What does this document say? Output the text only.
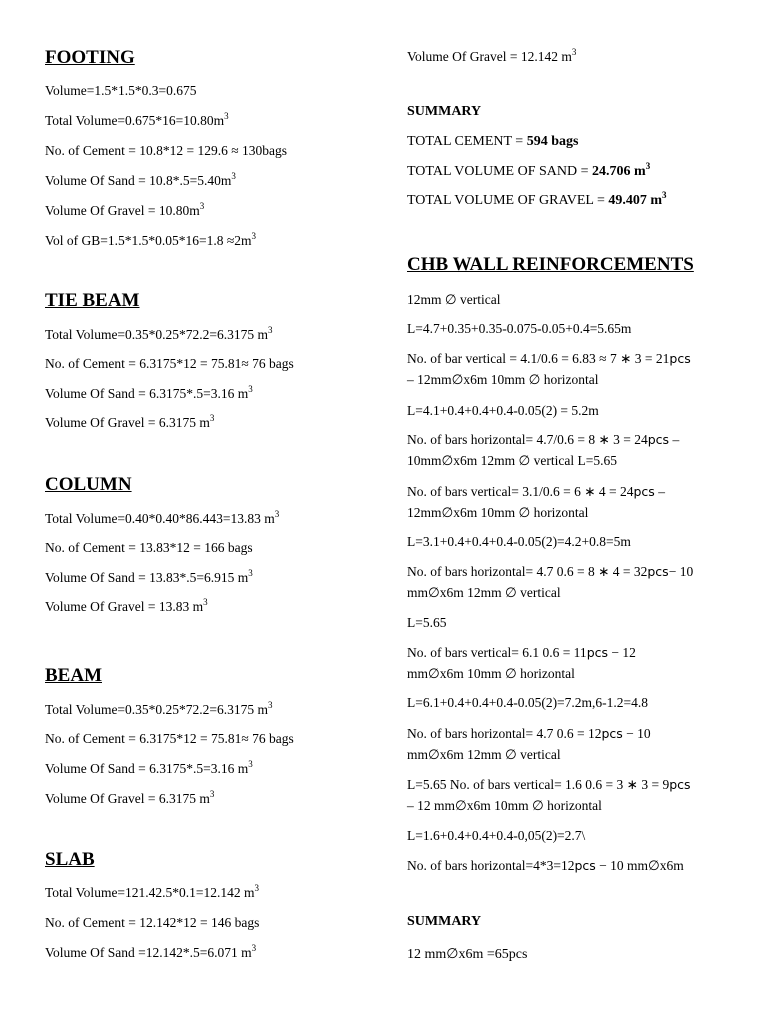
FOOTING
Volume=1.5*1.5*0.3=0.675
Total $Volume=0.675*16=10.80m^3$
No. of Cement = 10.8*12 = 129.6 ≈ 130bags
Volume Of Sand = $10.8*.5=5.40m^3$
Volume Of Gravel = $10.80m^3$
Vol of $GB=1.5*1.5*0.05*16=1.8 \approx 2m^3$
TIE BEAM
Total Volume=0.35*0.25*72.2=6.3175 $m^3$
No. of Cement = 6.3175*12 = 75.81≈ 76 bags
Volume Of Sand = 6.3175*.5=3.16 $m^3$
Volume Of Gravel = 6.3175 $m^3$
COLUMN
Total Volume=0.40*0.40*86.443=13.83 $m^3$
No. of Cement = 13.83*12 = 166 bags
Volume Of Sand = 13.83*.5=6.915 $m^3$
Volume Of Gravel = 13.83 $m^3$
BEAM
Total Volume=0.35*0.25*72.2=6.3175 $m^3$
No. of Cement = 6.3175*12 = 75.81≈ 76 bags
Volume Of Sand = 6.3175*.5=3.16 $m^3$
Volume Of Gravel = 6.3175 $m^3$
SLAB
Total Volume=121.42.5*0.1=12.142 $m^3$
No. of Cement = 12.142*12 = 146 bags
Volume Of Sand =12.142*.5=6.071 $m^3$
Volume Of Gravel = 12.142 $m^3$
SUMMARY
TOTAL CEMENT = 594 bags
TOTAL VOLUME OF SAND = 24.706 $m^3$
TOTAL VOLUME OF GRAVEL = 49.407 $m^3$
CHB WALL REINFORCEMENTS
12mm ∅ vertical
L=4.7+0.35+0.35-0.075-0.05+0.4=5.65m
No. of bar vertical = 4.1/0.6 = 6.83 ≈ 7 ∗ 3 = 21pcs
– 12mm∅x6m 10mm ∅ horizontal
L=4.1+0.4+0.4+0.4-0.05(2) = 5.2m
No. of bars horizontal= 4.7/0.6 = 8 ∗ 3 = 24pcs –
10mm∅x6m 12mm ∅ vertical L=5.65
No. of bars vertical= 3.1/0.6 = 6 ∗ 4 = 24pcs –
12mm∅x6m 10mm ∅ horizontal
L=3.1+0.4+0.4+0.4-0.05(2)=4.2+0.8=5m
No. of bars horizontal= 4.7 0.6 = 8 ∗ 4 = 32pcs− 10
mm∅x6m 12mm ∅ vertical
L=5.65
No. of bars vertical= 6.1 0.6 = 11pcs − 12
mm∅x6m 10mm ∅ horizontal
L=6.1+0.4+0.4+0.4-0.05(2)=7.2m,6-1.2=4.8
No. of bars horizontal= 4.7 0.6 = 12pcs − 10
mm∅x6m 12mm ∅ vertical
L=5.65 No. of bars vertical= 1.6 0.6 = 3 ∗ 3 = 9pcs
– 12 mm∅x6m 10mm ∅ horizontal
L=1.6+0.4+0.4+0.4-0,05(2)=2.7\
No. of bars horizontal=4*3=12pcs − 10 mm∅x6m
SUMMARY
12 mm∅x6m =65pcs
